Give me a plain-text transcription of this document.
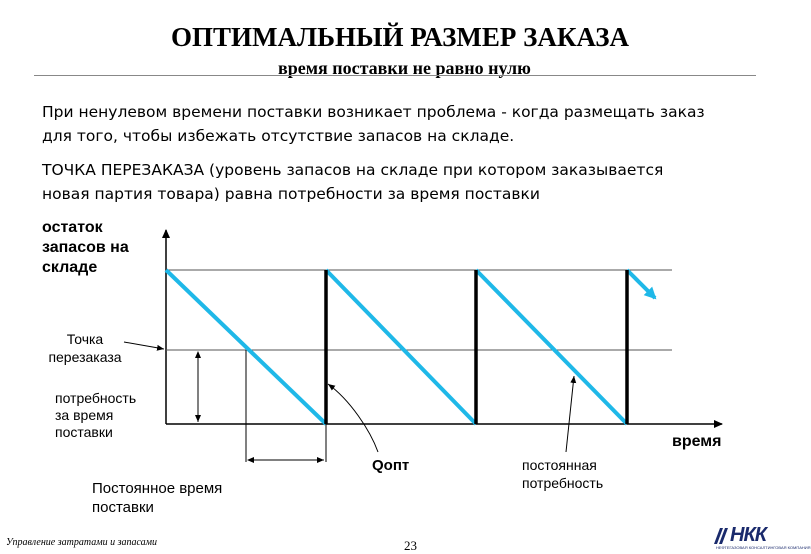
ОПТИМАЛЬНЫЙ РАЗМЕР ЗАКАЗА
время поставки не равно нулю
При ненулевом времени поставки возникает проблема - когда размещать заказ
для того, чтобы избежать отсутствие запасов на складе.
ТОЧКА ПЕРЕЗАКАЗА (уровень запасов на складе при котором заказывается
новая партия товара) равна потребности за время поставки
остаток
запасов на
складе
время
Точка
перезаказа
потребность
за время
поставки
Qопт	постоянная
потребность
Постоянное время
поставки
Управление затратами и запасами	23	НКК
НЕФТЕГАЗОВАЯ КОНСАЛТИНГОВАЯ КОМПАНИЯ
